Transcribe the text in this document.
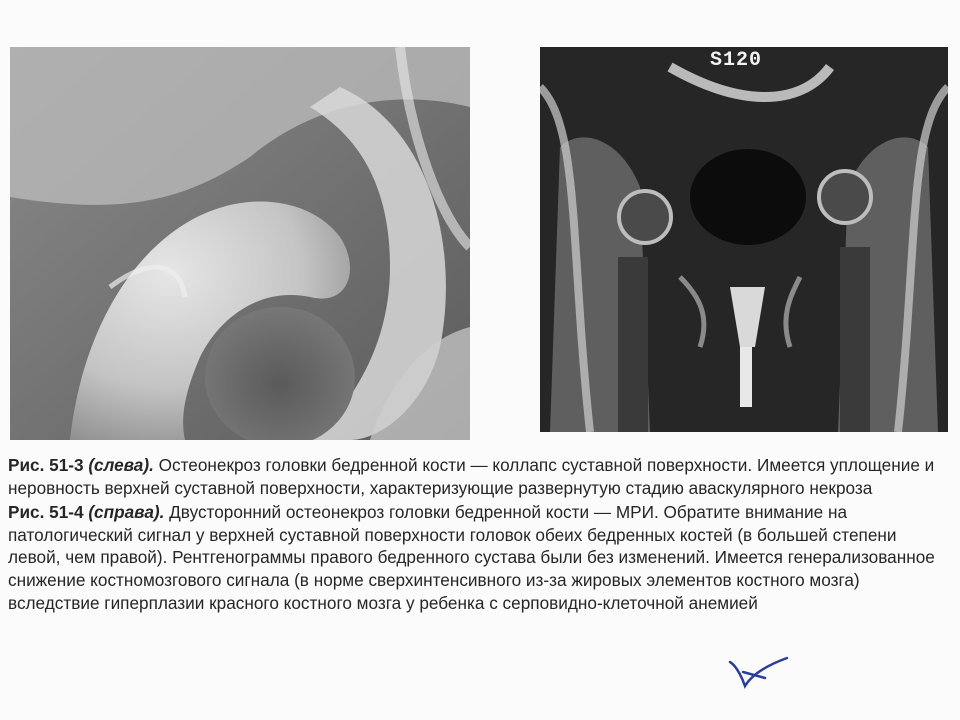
S120

Рис. 51-3 (слева). Остеонекроз головки бедренной кости — коллапс суставной поверхности. Имеется уплощение и неровность верхней суставной поверхности, характеризующие развернутую стадию аваскулярного некроза

Рис. 51-4 (справа). Двусторонний остеонекроз головки бедренной кости — МРИ. Обратите внимание на патологический сигнал у верхней суставной поверхности головок обеих бедренных костей (в большей степени левой, чем правой). Рентгенограммы правого бедренного сустава были без изменений. Имеется генерализованное снижение костномозгового сигнала (в норме сверхинтенсивного из-за жировых элементов костного мозга) вследствие гиперплазии красного костного мозга у ребенка с серповидно-клеточной анемией
